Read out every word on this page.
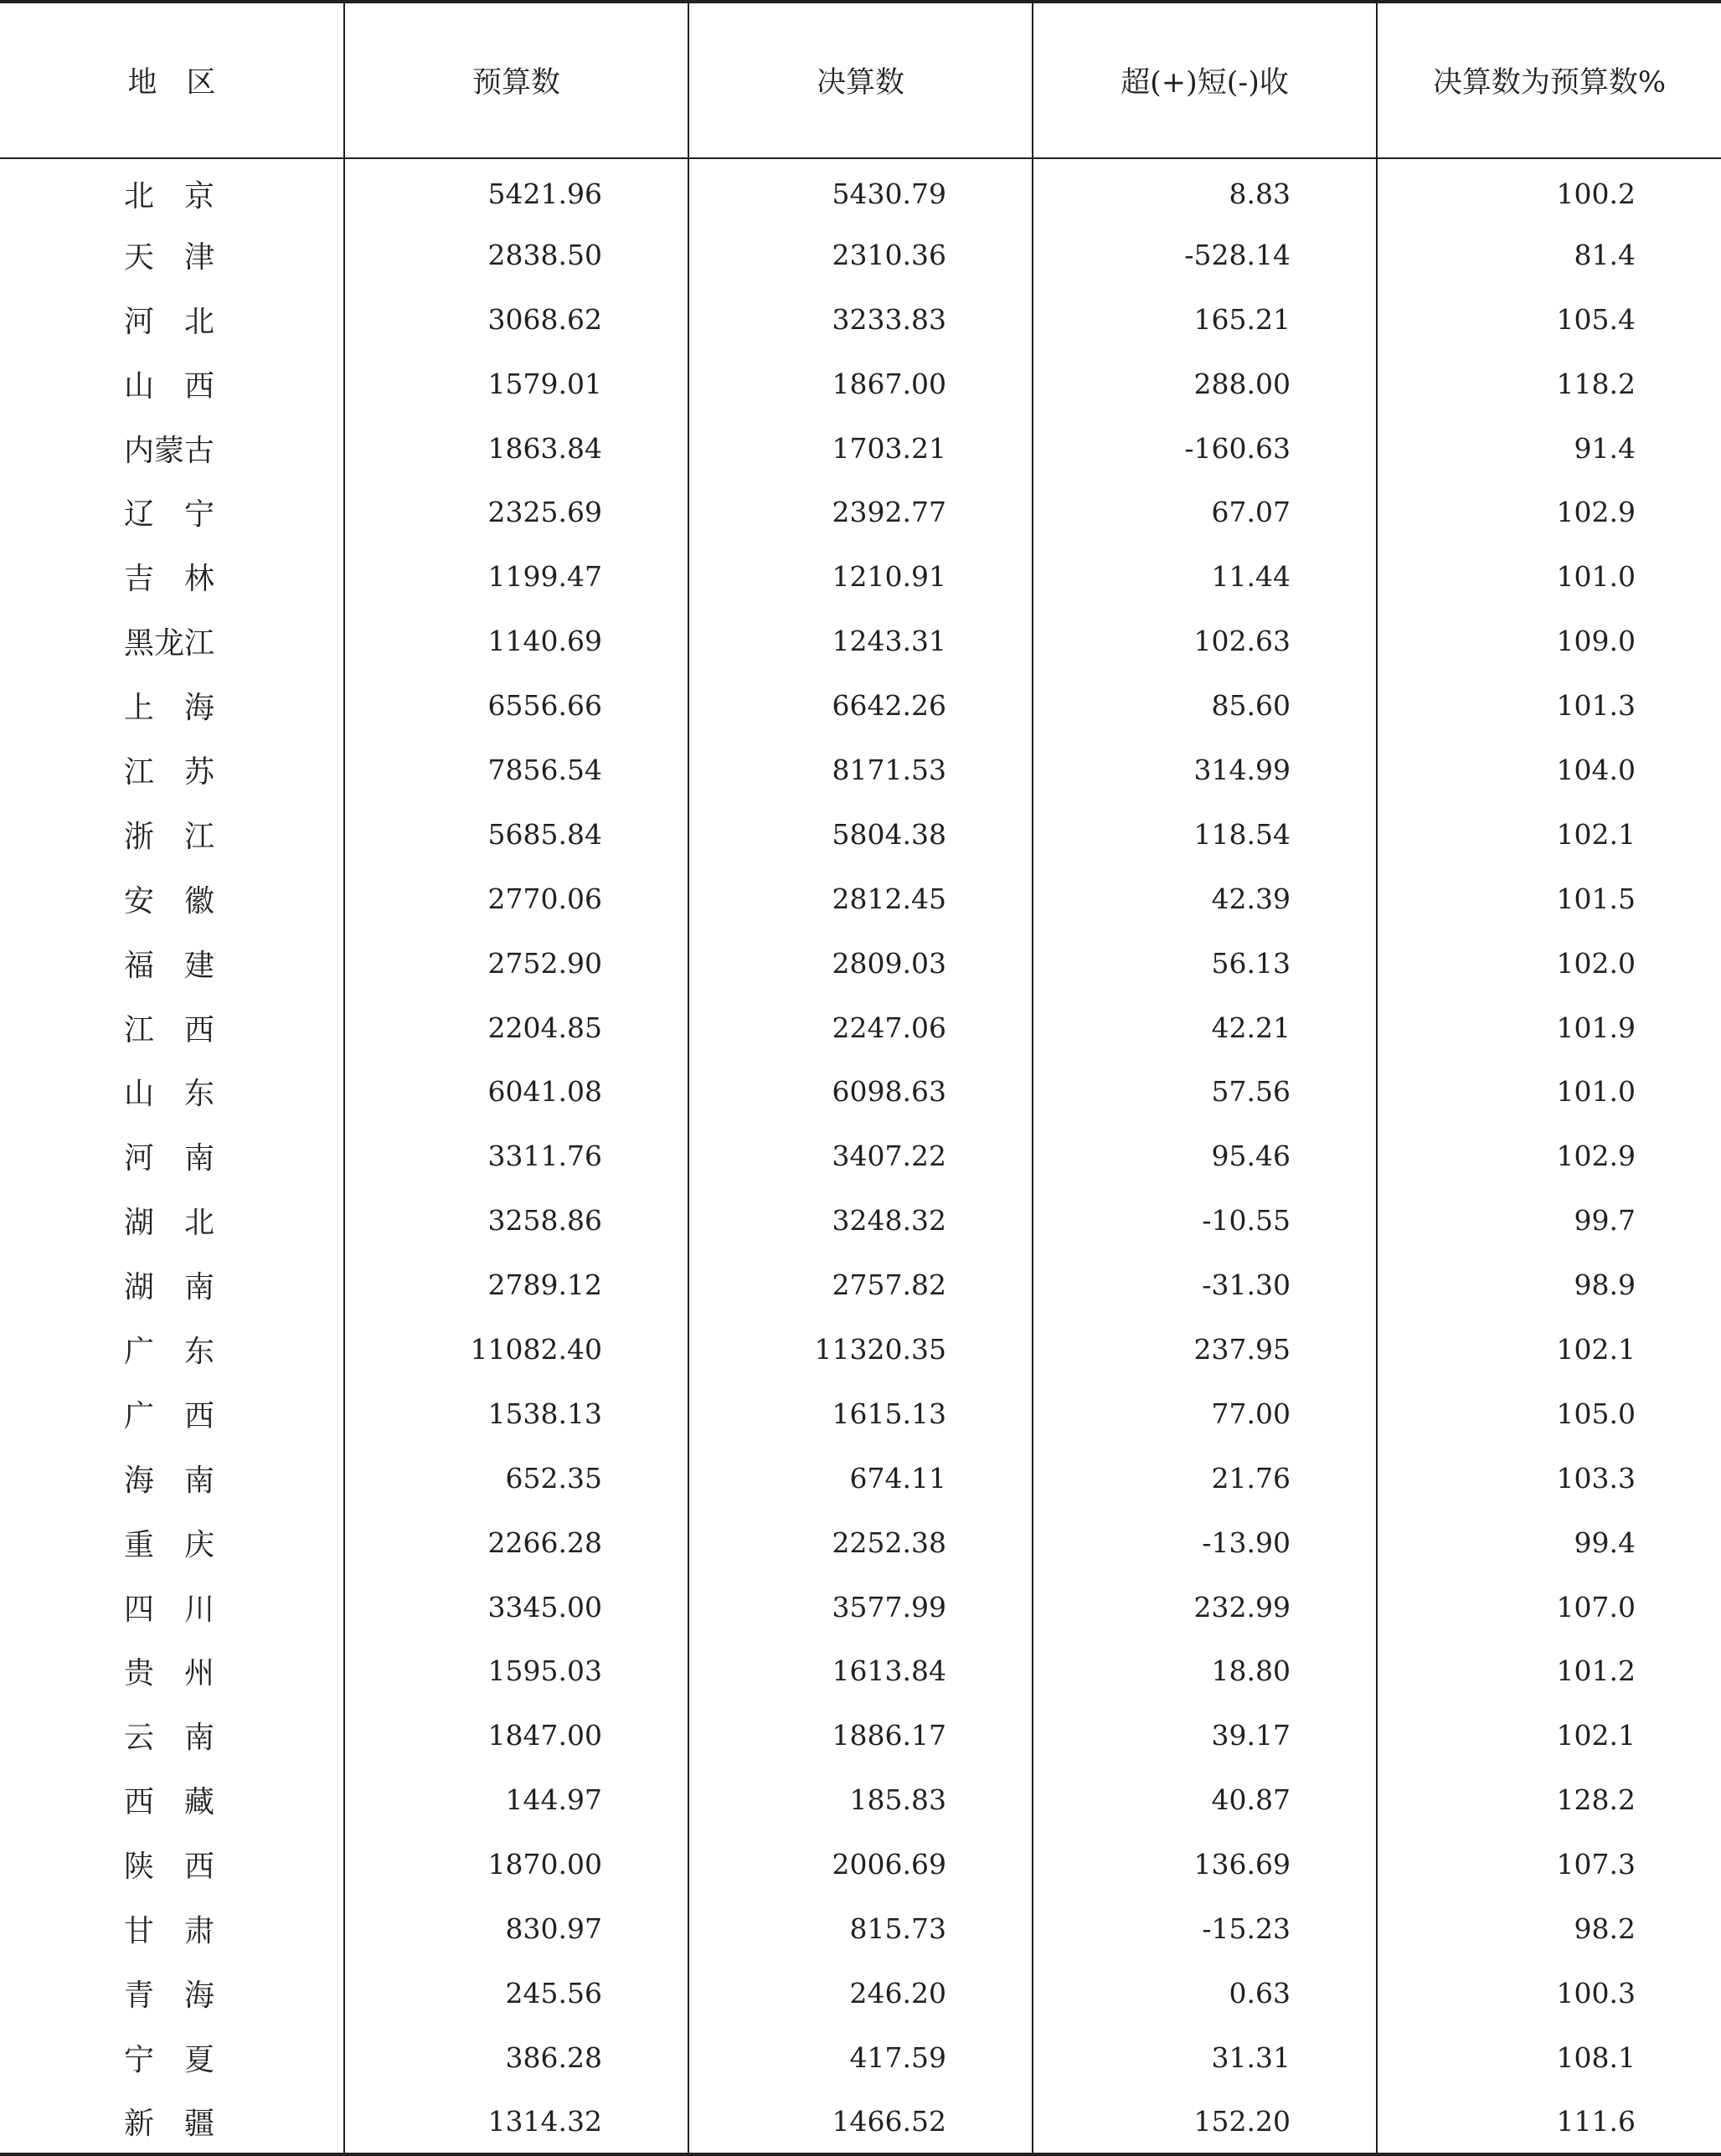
地　区	预算数	决算数	超(+)短(-)收	决算数为预算数%
北　京	5421.96	5430.79	8.83	100.2
天　津	2838.50	2310.36	-528.14	81.4
河　北	3068.62	3233.83	165.21	105.4
山　西	1579.01	1867.00	288.00	118.2
内蒙古	1863.84	1703.21	-160.63	91.4
辽　宁	2325.69	2392.77	67.07	102.9
吉　林	1199.47	1210.91	11.44	101.0
黑龙江	1140.69	1243.31	102.63	109.0
上　海	6556.66	6642.26	85.60	101.3
江　苏	7856.54	8171.53	314.99	104.0
浙　江	5685.84	5804.38	118.54	102.1
安　徽	2770.06	2812.45	42.39	101.5
福　建	2752.90	2809.03	56.13	102.0
江　西	2204.85	2247.06	42.21	101.9
山　东	6041.08	6098.63	57.56	101.0
河　南	3311.76	3407.22	95.46	102.9
湖　北	3258.86	3248.32	-10.55	99.7
湖　南	2789.12	2757.82	-31.30	98.9
广　东	11082.40	11320.35	237.95	102.1
广　西	1538.13	1615.13	77.00	105.0
海　南	652.35	674.11	21.76	103.3
重　庆	2266.28	2252.38	-13.90	99.4
四　川	3345.00	3577.99	232.99	107.0
贵　州	1595.03	1613.84	18.80	101.2
云　南	1847.00	1886.17	39.17	102.1
西　藏	144.97	185.83	40.87	128.2
陕　西	1870.00	2006.69	136.69	107.3
甘　肃	830.97	815.73	-15.23	98.2
青　海	245.56	246.20	0.63	100.3
宁　夏	386.28	417.59	31.31	108.1
新　疆	1314.32	1466.52	152.20	111.6
